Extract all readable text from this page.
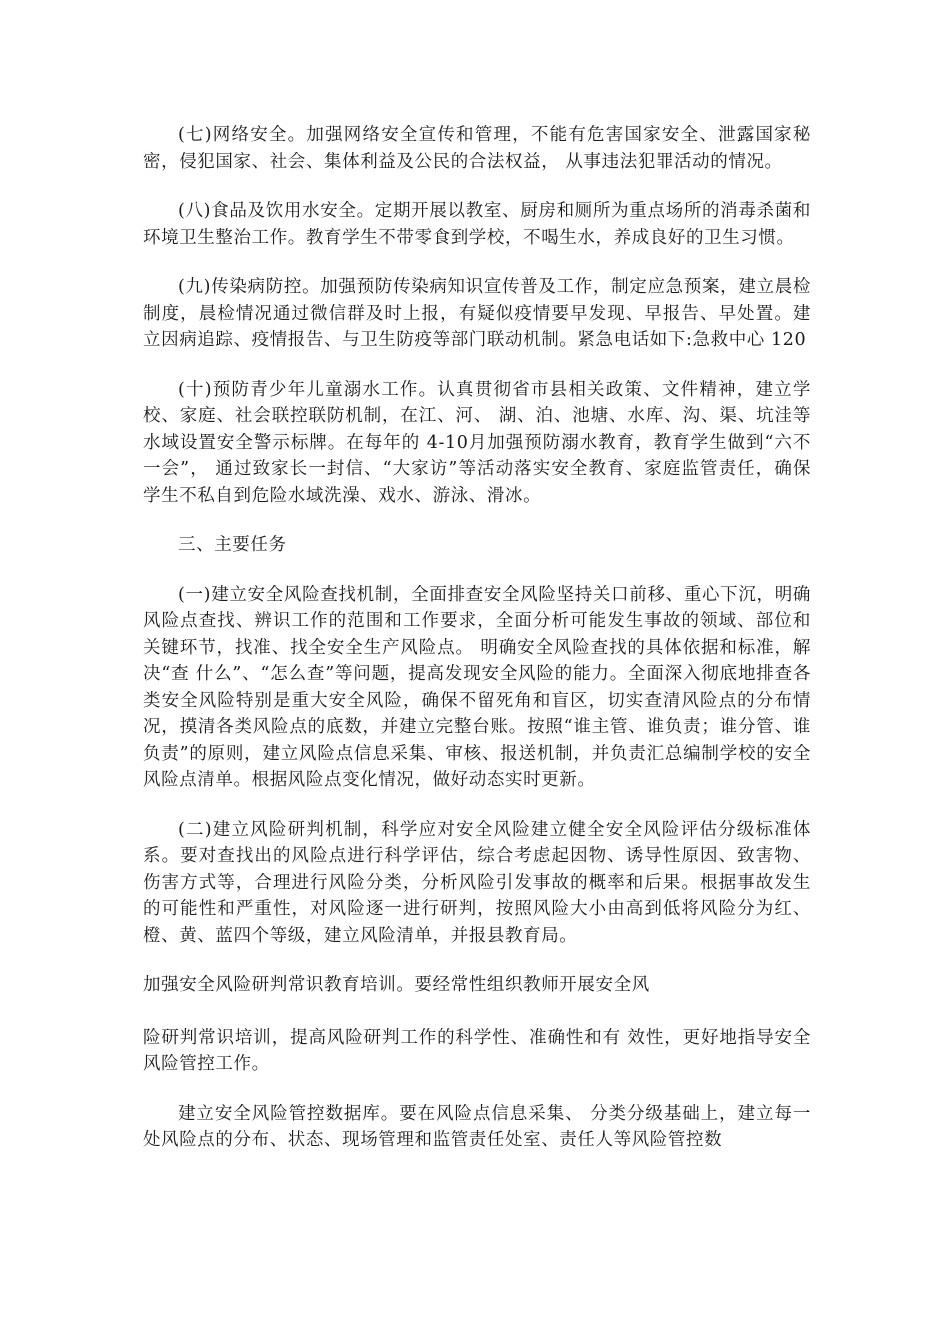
(七)网络安全。加强网络安全宣传和管理，不能有危害国家安全、泄露国家秘密，侵犯国家、社会、集体利益及公民的合法权益， 从事违法犯罪活动的情况。

(八)食品及饮用水安全。定期开展以教室、厨房和厕所为重点场所的消毒杀菌和环境卫生整治工作。教育学生不带零食到学校，不喝生水，养成良好的卫生习惯。

(九)传染病防控。加强预防传染病知识宣传普及工作，制定应急预案，建立晨检制度，晨检情况通过微信群及时上报，有疑似疫情要早发现、早报告、早处置。建立因病追踪、疫情报告、与卫生防疫等部门联动机制。紧急电话如下:急救中心 120

(十)预防青少年儿童溺水工作。认真贯彻省市县相关政策、文件精神，建立学校、家庭、社会联控联防机制，在江、河、 湖、泊、池塘、水库、沟、渠、坑洼等水域设置安全警示标牌。在每年的 4-10月加强预防溺水教育，教育学生做到“六不一会”， 通过致家长一封信、“大家访”等活动落实安全教育、家庭监管责任，确保学生不私自到危险水域洗澡、戏水、游泳、滑冰。

三、主要任务

(一)建立安全风险查找机制，全面排查安全风险坚持关口前移、重心下沉，明确风险点查找、辨识工作的范围和工作要求，全面分析可能发生事故的领域、部位和关键环节，找准、找全安全生产风险点。 明确安全风险查找的具体依据和标准，解决“查 什么”、“怎么查”等问题，提高发现安全风险的能力。全面深入彻底地排查各类安全风险特别是重大安全风险，确保不留死角和盲区，切实查清风险点的分布情况，摸清各类风险点的底数，并建立完整台账。按照“谁主管、谁负责；谁分管、谁负责”的原则，建立风险点信息采集、审核、报送机制，并负责汇总编制学校的安全风险点清单。根据风险点变化情况，做好动态实时更新。

(二)建立风险研判机制，科学应对安全风险建立健全安全风险评估分级标准体系。要对查找出的风险点进行科学评估，综合考虑起因物、诱导性原因、致害物、伤害方式等，合理进行风险分类，分析风险引发事故的概率和后果。根据事故发生的可能性和严重性，对风险逐一进行研判，按照风险大小由高到低将风险分为红、橙、黄、蓝四个等级，建立风险清单，并报县教育局。

加强安全风险研判常识教育培训。要经常性组织教师开展安全风

险研判常识培训，提高风险研判工作的科学性、准确性和有 效性，更好地指导安全风险管控工作。

建立安全风险管控数据库。要在风险点信息采集、 分类分级基础上，建立每一处风险点的分布、状态、现场管理和监管责任处室、责任人等风险管控数
